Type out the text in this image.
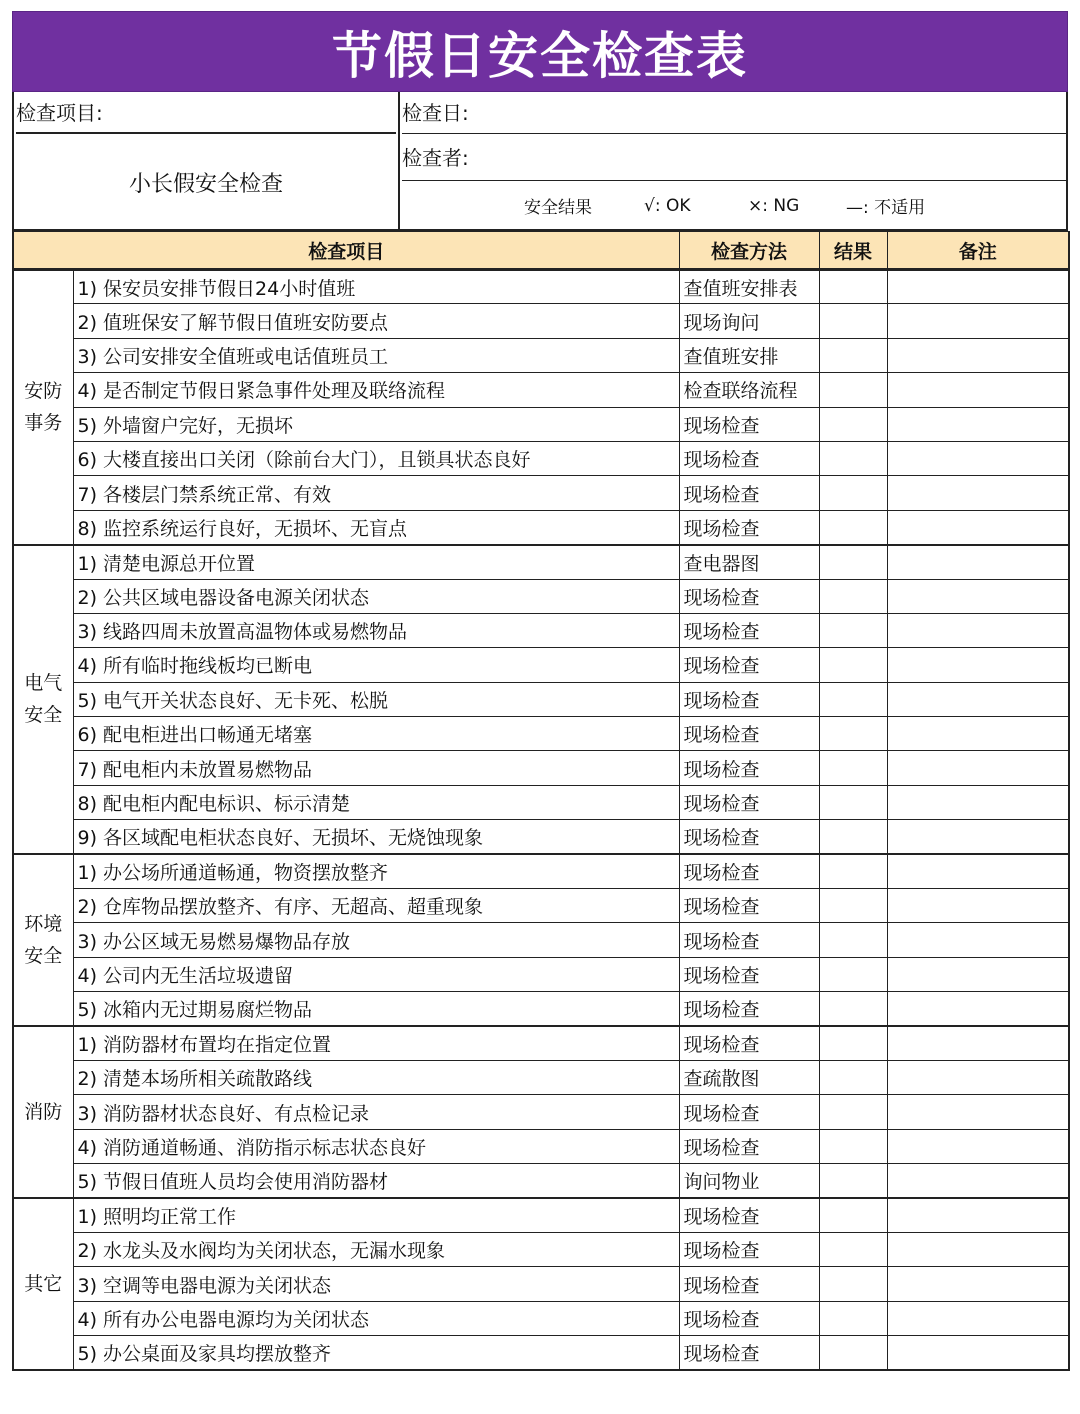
节假日安全检查表
检查项目:
小长假安全检查
检查日:
检查者:
安全结果	√: OK	×: NG	—: 不适用
检查项目		检查方法	结果	备注
安防事务	1) 保安员安排节假日24小时值班	查值班安排表		
	2) 值班保安了解节假日值班安防要点	现场询问		
	3) 公司安排安全值班或电话值班员工	查值班安排		
	4) 是否制定节假日紧急事件处理及联络流程	检查联络流程		
	5) 外墙窗户完好，无损坏	现场检查		
	6) 大楼直接出口关闭（除前台大门），且锁具状态良好	现场检查		
	7) 各楼层门禁系统正常、有效	现场检查		
	8) 监控系统运行良好，无损坏、无盲点	现场检查		
电气安全	1) 清楚电源总开位置	查电器图		
	2) 公共区域电器设备电源关闭状态	现场检查		
	3) 线路四周未放置高温物体或易燃物品	现场检查		
	4) 所有临时拖线板均已断电	现场检查		
	5) 电气开关状态良好、无卡死、松脱	现场检查		
	6) 配电柜进出口畅通无堵塞	现场检查		
	7) 配电柜内未放置易燃物品	现场检查		
	8) 配电柜内配电标识、标示清楚	现场检查		
	9) 各区域配电柜状态良好、无损坏、无烧蚀现象	现场检查		
环境安全	1) 办公场所通道畅通，物资摆放整齐	现场检查		
	2) 仓库物品摆放整齐、有序、无超高、超重现象	现场检查		
	3) 办公区域无易燃易爆物品存放	现场检查		
	4) 公司内无生活垃圾遗留	现场检查		
	5) 冰箱内无过期易腐烂物品	现场检查		
消防	1) 消防器材布置均在指定位置	现场检查		
	2) 清楚本场所相关疏散路线	查疏散图		
	3) 消防器材状态良好、有点检记录	现场检查		
	4) 消防通道畅通、消防指示标志状态良好	现场检查		
	5) 节假日值班人员均会使用消防器材	询问物业		
其它	1) 照明均正常工作	现场检查		
	2) 水龙头及水阀均为关闭状态，无漏水现象	现场检查		
	3) 空调等电器电源为关闭状态	现场检查		
	4) 所有办公电器电源均为关闭状态	现场检查		
	5) 办公桌面及家具均摆放整齐	现场检查		
